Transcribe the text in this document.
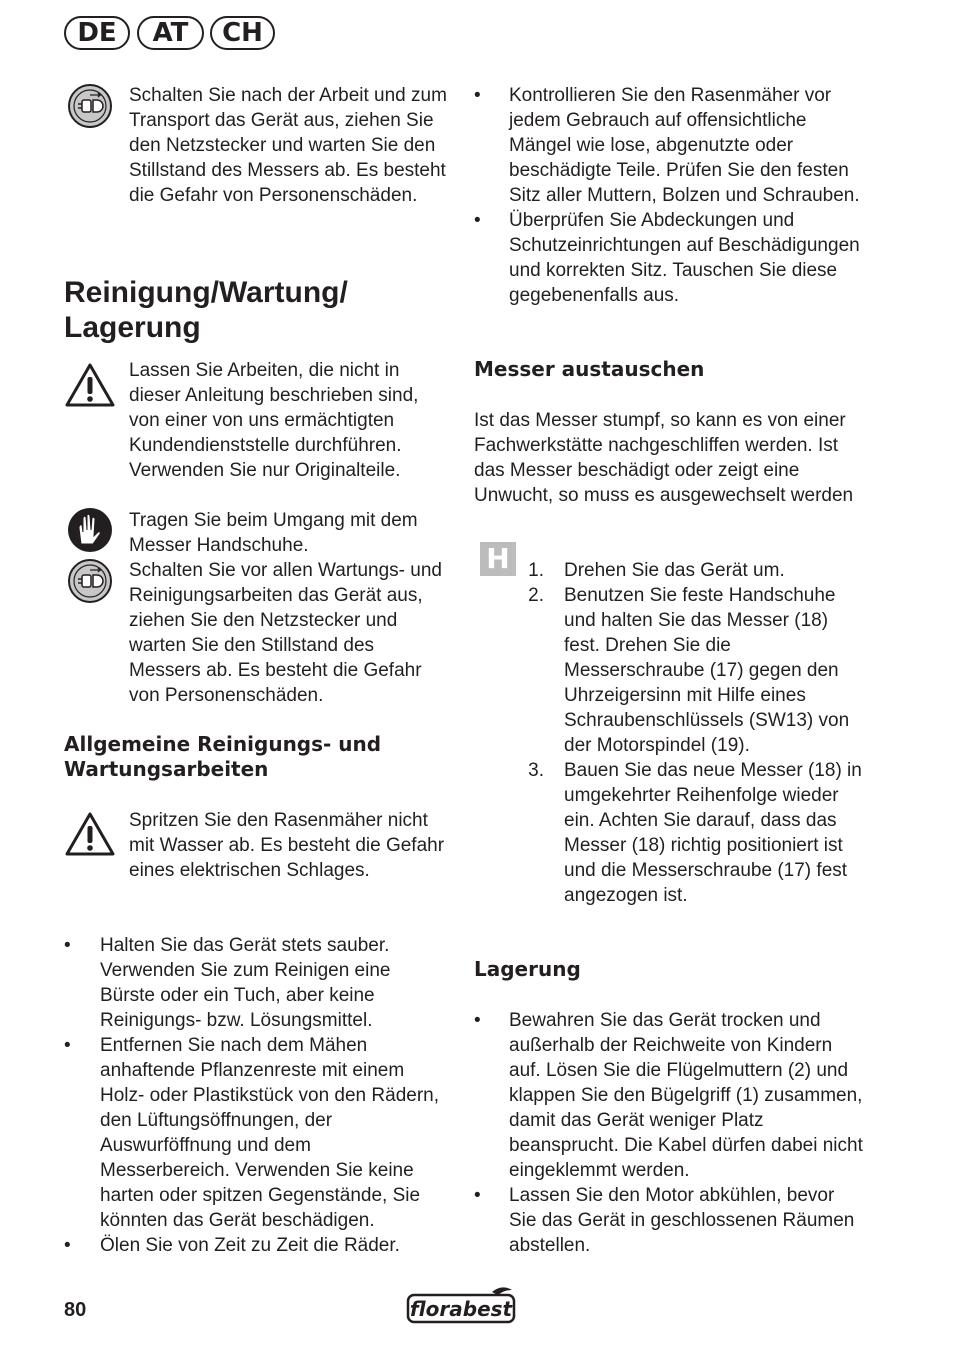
DE	AT	CH
Schalten Sie nach der Arbeit und zum Transport das Gerät aus, ziehen Sie den Netzstecker und warten Sie den Stillstand des Messers ab. Es besteht die Gefahr von Personenschäden.
Reinigung/Wartung/
Lagerung
Lassen Sie Arbeiten, die nicht in dieser Anleitung beschrieben sind, von einer von uns ermächtigten Kundendienststelle durchführen. Verwenden Sie nur Originalteile.
Tragen Sie beim Umgang mit dem Messer Handschuhe.
Schalten Sie vor allen Wartungs- und Reinigungsarbeiten das Gerät aus, ziehen Sie den Netzstecker und warten Sie den Stillstand des Messers ab. Es besteht die Gefahr von Personenschäden.
Allgemeine Reinigungs- und
Wartungsarbeiten
Spritzen Sie den Rasenmäher nicht mit Wasser ab. Es besteht die Gefahr eines elektrischen Schlages.
• Halten Sie das Gerät stets sauber. Verwenden Sie zum Reinigen eine Bürste oder ein Tuch, aber keine Reinigungs- bzw. Lösungsmittel.
• Entfernen Sie nach dem Mähen anhaftende Pflanzenreste mit einem Holz- oder Plastikstück von den Rädern, den Lüftungsöffnungen, der Auswurföffnung und dem Messerbereich. Verwenden Sie keine harten oder spitzen Gegenstände, Sie könnten das Gerät beschädigen.
• Ölen Sie von Zeit zu Zeit die Räder.
• Kontrollieren Sie den Rasenmäher vor jedem Gebrauch auf offensichtliche Mängel wie lose, abgenutzte oder beschädigte Teile. Prüfen Sie den festen Sitz aller Muttern, Bolzen und Schrauben.
• Überprüfen Sie Abdeckungen und Schutzeinrichtungen auf Beschädigungen und korrekten Sitz. Tauschen Sie diese gegebenenfalls aus.
Messer austauschen
Ist das Messer stumpf, so kann es von einer Fachwerkstätte nachgeschliffen werden. Ist das Messer beschädigt oder zeigt eine Unwucht, so muss es ausgewechselt werden
H 1. Drehen Sie das Gerät um.
2. Benutzen Sie feste Handschuhe und halten Sie das Messer (18) fest. Drehen Sie die Messerschraube (17) gegen den Uhrzeigersinn mit Hilfe eines Schraubenschlüssels (SW13) von der Motorspindel (19).
3. Bauen Sie das neue Messer (18) in umgekehrter Reihenfolge wieder ein. Achten Sie darauf, dass das Messer (18) richtig positioniert ist und die Messerschraube (17) fest angezogen ist.
Lagerung
• Bewahren Sie das Gerät trocken und außerhalb der Reichweite von Kindern auf. Lösen Sie die Flügelmuttern (2) und klappen Sie den Bügelgriff (1) zusammen, damit das Gerät weniger Platz beansprucht. Die Kabel dürfen dabei nicht eingeklemmt werden.
• Lassen Sie den Motor abkühlen, bevor Sie das Gerät in geschlossenen Räumen abstellen.
80	florabest
